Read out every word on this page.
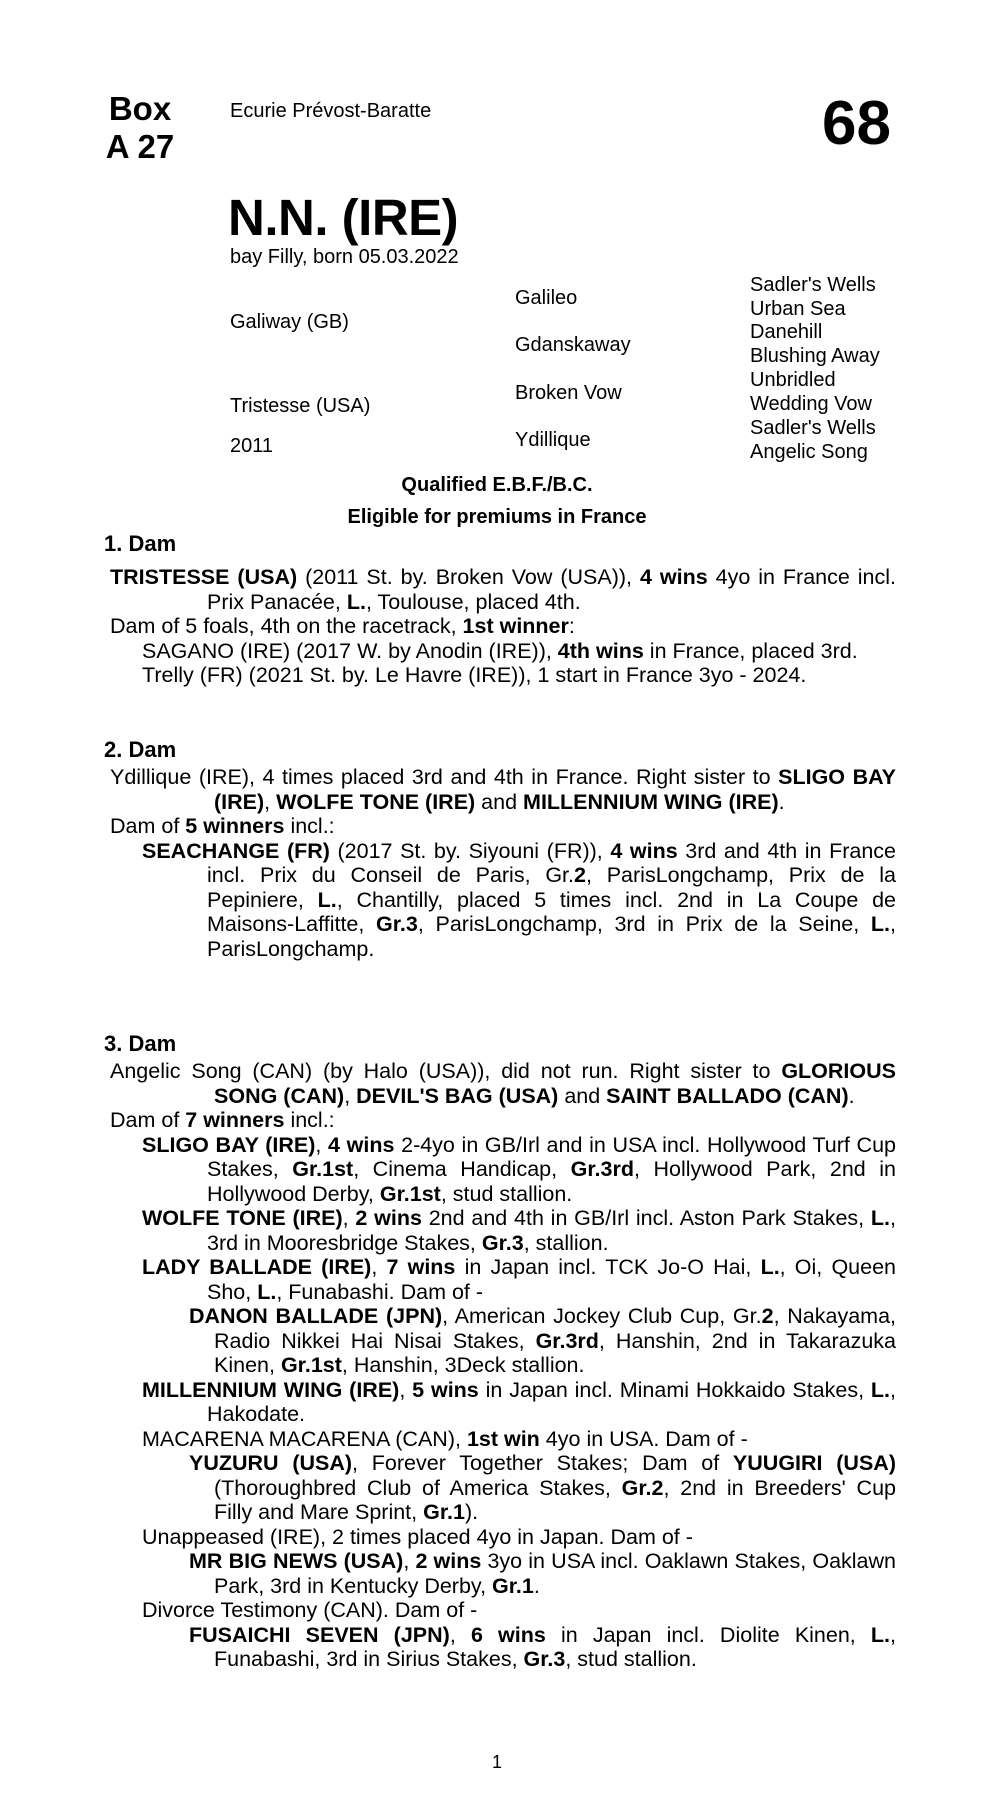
Box
A 27
Ecurie Prévost-Baratte	68
N.N. (IRE)
bay Filly, born 05.03.2022
Galiway (GB)
Tristesse (USA)
2011
Galileo
Gdanskaway
Broken Vow
Ydillique
Sadler's Wells
Urban Sea
Danehill
Blushing Away
Unbridled
Wedding Vow
Sadler's Wells
Angelic Song
Qualified E.B.F./B.C.
Eligible for premiums in France
1. Dam
TRISTESSE (USA) (2011 St. by. Broken Vow (USA)), 4 wins 4yo in France incl. Prix Panacée, L., Toulouse, placed 4th.
Dam of 5 foals, 4th on the racetrack, 1st winner:
SAGANO (IRE) (2017 W. by Anodin (IRE)), 4th wins in France, placed 3rd.
Trelly (FR) (2021 St. by. Le Havre (IRE)), 1 start in France 3yo - 2024.
2. Dam
Ydillique (IRE), 4 times placed 3rd and 4th in France. Right sister to SLIGO BAY (IRE), WOLFE TONE (IRE) and MILLENNIUM WING (IRE).
Dam of 5 winners incl.:
SEACHANGE (FR) (2017 St. by. Siyouni (FR)), 4 wins 3rd and 4th in France incl. Prix du Conseil de Paris, Gr.2, ParisLongchamp, Prix de la Pepiniere, L., Chantilly, placed 5 times incl. 2nd in La Coupe de Maisons-Laffitte, Gr.3, ParisLongchamp, 3rd in Prix de la Seine, L., ParisLongchamp.
3. Dam
Angelic Song (CAN) (by Halo (USA)), did not run. Right sister to GLORIOUS SONG (CAN), DEVIL'S BAG (USA) and SAINT BALLADO (CAN).
Dam of 7 winners incl.:
SLIGO BAY (IRE), 4 wins 2-4yo in GB/Irl and in USA incl. Hollywood Turf Cup Stakes, Gr.1st, Cinema Handicap, Gr.3rd, Hollywood Park, 2nd in Hollywood Derby, Gr.1st, stud stallion.
WOLFE TONE (IRE), 2 wins 2nd and 4th in GB/Irl incl. Aston Park Stakes, L., 3rd in Mooresbridge Stakes, Gr.3, stallion.
LADY BALLADE (IRE), 7 wins in Japan incl. TCK Jo-O Hai, L., Oi, Queen Sho, L., Funabashi. Dam of -
DANON BALLADE (JPN), American Jockey Club Cup, Gr.2, Nakayama, Radio Nikkei Hai Nisai Stakes, Gr.3rd, Hanshin, 2nd in Takarazuka Kinen, Gr.1st, Hanshin, 3Deck stallion.
MILLENNIUM WING (IRE), 5 wins in Japan incl. Minami Hokkaido Stakes, L., Hakodate.
MACARENA MACARENA (CAN), 1st win 4yo in USA. Dam of -
YUZURU (USA), Forever Together Stakes; Dam of YUUGIRI (USA) (Thoroughbred Club of America Stakes, Gr.2, 2nd in Breeders' Cup Filly and Mare Sprint, Gr.1).
Unappeased (IRE), 2 times placed 4yo in Japan. Dam of -
MR BIG NEWS (USA), 2 wins 3yo in USA incl. Oaklawn Stakes, Oaklawn Park, 3rd in Kentucky Derby, Gr.1.
Divorce Testimony (CAN). Dam of -
FUSAICHI SEVEN (JPN), 6 wins in Japan incl. Diolite Kinen, L., Funabashi, 3rd in Sirius Stakes, Gr.3, stud stallion.
1
